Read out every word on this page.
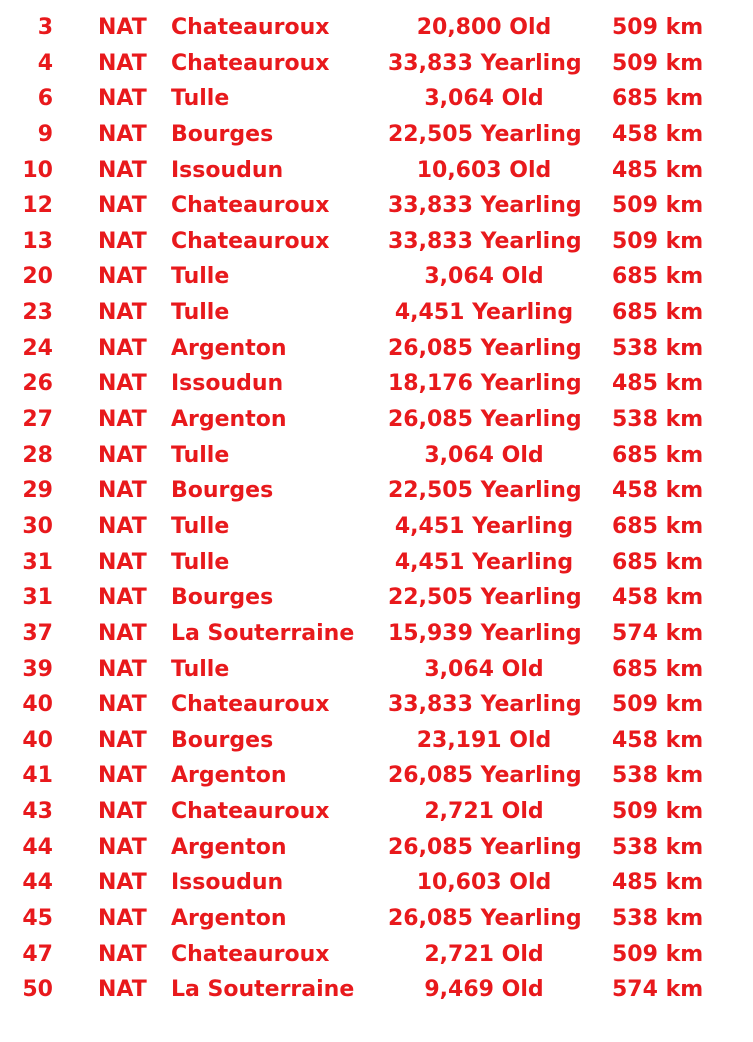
3 NAT Chateauroux	20,800 Old	509 km
4 NAT Chateauroux	33,833 Yearling 509 km
6 NAT Tulle	3,064 Old	685 km
9 NAT Bourges	22,505 Yearling 458 km
10 NAT Issoudun	10,603 Old	485 km
12 NAT Chateauroux	33,833 Yearling 509 km
13 NAT Chateauroux	33,833 Yearling 509 km
20 NAT Tulle	3,064 Old	685 km
23 NAT Tulle	4,451 Yearling	685 km
24 NAT Argenton	26,085 Yearling 538 km
26 NAT Issoudun	18,176 Yearling 485 km
27 NAT Argenton	26,085 Yearling 538 km
28 NAT Tulle	3,064 Old	685 km
29 NAT Bourges	22,505 Yearling 458 km
30 NAT Tulle	4,451 Yearling	685 km
31 NAT Tulle	4,451 Yearling	685 km
31 NAT Bourges	22,505 Yearling 458 km
37 NAT La Souterraine 15,939 Yearling 574 km
39 NAT Tulle	3,064 Old	685 km
40 NAT Chateauroux	33,833 Yearling 509 km
40 NAT Bourges	23,191 Old	458 km
41 NAT Argenton	26,085 Yearling 538 km
43 NAT Chateauroux	2,721 Old	509 km
44 NAT Argenton	26,085 Yearling 538 km
44 NAT Issoudun	10,603 Old	485 km
45 NAT Argenton	26,085 Yearling 538 km
47 NAT Chateauroux	2,721 Old	509 km
50 NAT La Souterraine	9,469 Old	574 km
